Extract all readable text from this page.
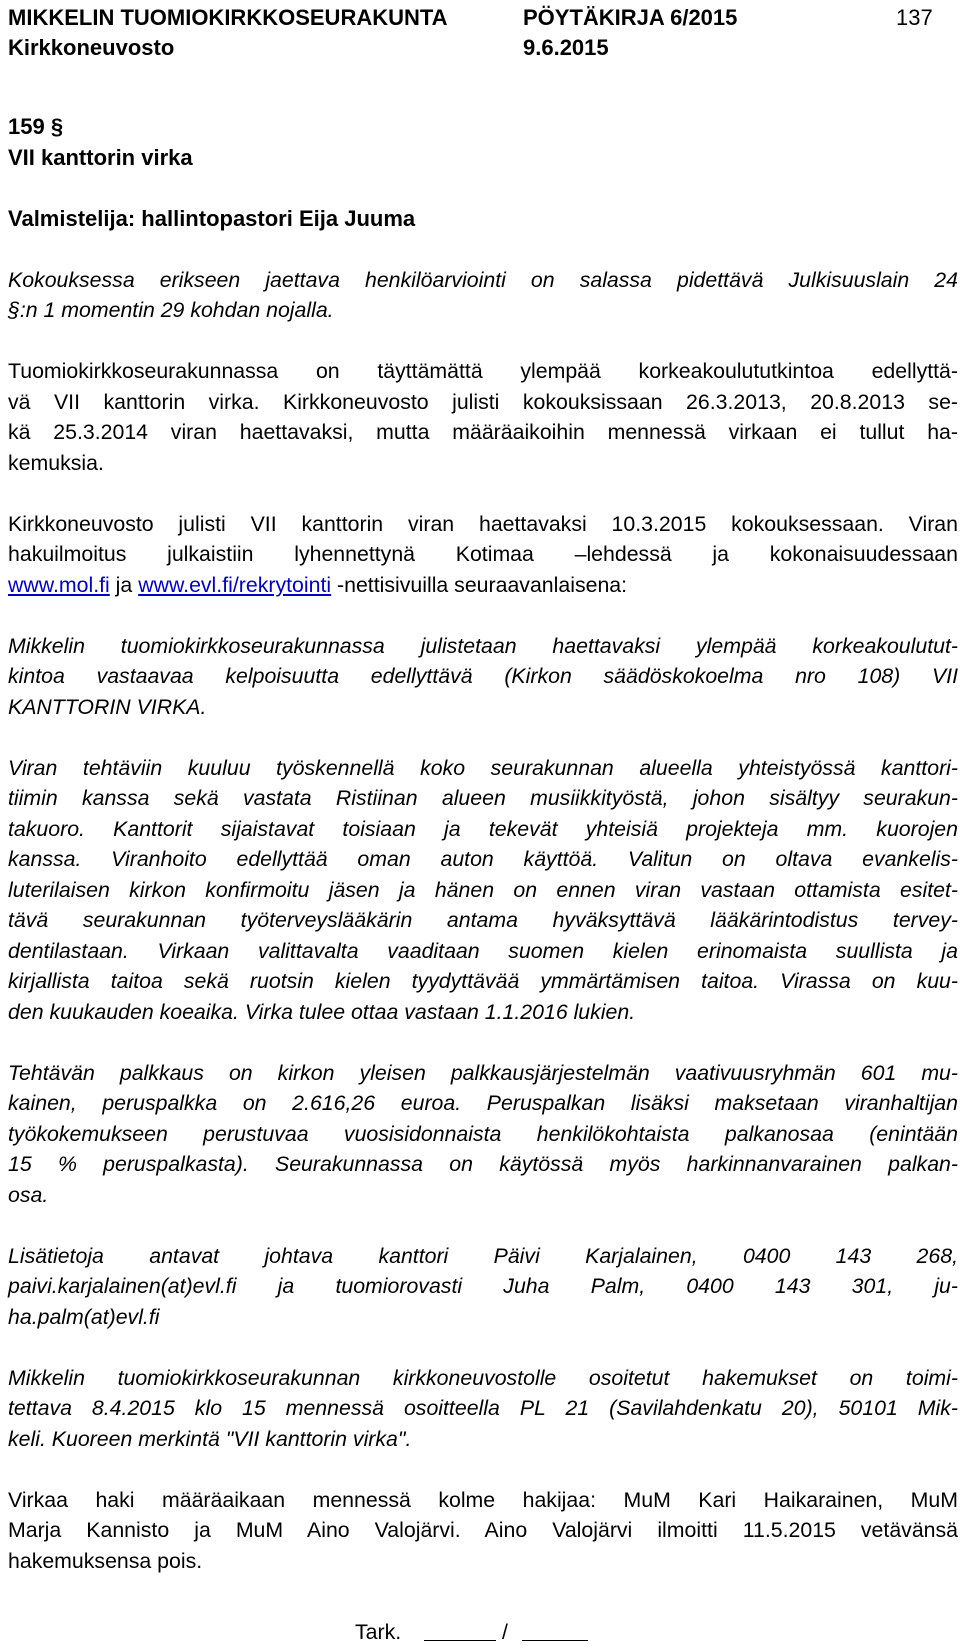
MIKKELIN TUOMIOKIRKKOSEURAKUNTA	PÖYTÄKIRJA 6/2015	137
Kirkkoneuvosto	9.6.2015
159 §
VII kanttorin virka
Valmistelija: hallintopastori Eija Juuma
Kokouksessa erikseen jaettava henkilöarviointi on salassa pidettävä Julkisuuslain 24
§:n 1 momentin 29 kohdan nojalla.
Tuomiokirkkoseurakunnassa on täyttämättä ylempää korkeakoulututkintoa edellyttä-
vä VII kanttorin virka. Kirkkoneuvosto julisti kokouksissaan 26.3.2013, 20.8.2013 se-
kä 25.3.2014 viran haettavaksi, mutta määräaikoihin mennessä virkaan ei tullut ha-
kemuksia.
Kirkkoneuvosto julisti VII kanttorin viran haettavaksi 10.3.2015 kokouksessaan. Viran
hakuilmoitus julkaistiin lyhennettynä Kotimaa –lehdessä ja kokonaisuudessaan
www.mol.fi ja www.evl.fi/rekrytointi -nettisivuilla seuraavanlaisena:
Mikkelin tuomiokirkkoseurakunnassa julistetaan haettavaksi ylempää korkeakoulutut-
kintoa vastaavaa kelpoisuutta edellyttävä (Kirkon säädöskokoelma nro 108) VII
KANTTORIN VIRKA.
Viran tehtäviin kuuluu työskennellä koko seurakunnan alueella yhteistyössä kanttori-
tiimin kanssa sekä vastata Ristiinan alueen musiikkityöstä, johon sisältyy seurakun-
takuoro. Kanttorit sijaistavat toisiaan ja tekevät yhteisiä projekteja mm. kuorojen
kanssa. Viranhoito edellyttää oman auton käyttöä. Valitun on oltava evankelis-
luterilaisen kirkon konfirmoitu jäsen ja hänen on ennen viran vastaan ottamista esitet-
tävä seurakunnan työterveyslääkärin antama hyväksyttävä lääkärintodistus tervey-
dentilastaan. Virkaan valittavalta vaaditaan suomen kielen erinomaista suullista ja
kirjallista taitoa sekä ruotsin kielen tyydyttävää ymmärtämisen taitoa. Virassa on kuu-
den kuukauden koeaika. Virka tulee ottaa vastaan 1.1.2016 lukien.
Tehtävän palkkaus on kirkon yleisen palkkausjärjestelmän vaativuusryhmän 601 mu-
kainen, peruspalkka on 2.616,26 euroa. Peruspalkan lisäksi maksetaan viranhaltijan
työkokemukseen perustuvaa vuosisidonnaista henkilökohtaista palkanosaa (enintään
15 % peruspalkasta). Seurakunnassa on käytössä myös harkinnanvarainen palkan-
osa.
Lisätietoja antavat johtava kanttori Päivi Karjalainen, 0400 143 268,
paivi.karjalainen(at)evl.fi ja tuomiorovasti Juha Palm, 0400 143 301, ju-
ha.palm(at)evl.fi
Mikkelin tuomiokirkkoseurakunnan kirkkoneuvostolle osoitetut hakemukset on toimi-
tettava 8.4.2015 klo 15 mennessä osoitteella PL 21 (Savilahdenkatu 20), 50101 Mik-
keli. Kuoreen merkintä "VII kanttorin virka".
Virkaa haki määräaikaan mennessä kolme hakijaa: MuM Kari Haikarainen, MuM
Marja Kannisto ja MuM Aino Valojärvi. Aino Valojärvi ilmoitti 11.5.2015 vetävänsä
hakemuksensa pois.
Tark.	/
